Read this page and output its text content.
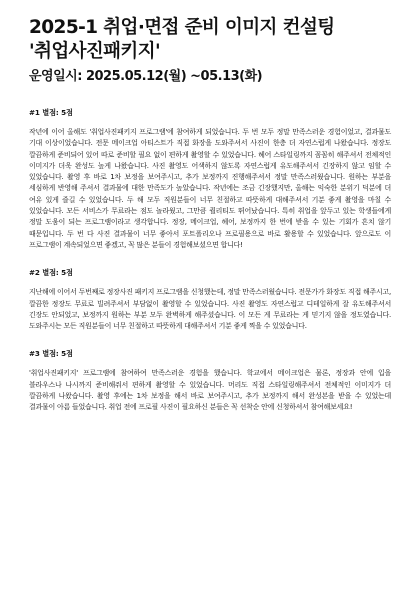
2025-1 취업·면접 준비 이미지 컨설팅
'취업사진패키지'

운영일시: 2025.05.12(월) ~05.13(화)

#1 별점: 5점

작년에 이어 올해도 '취업사진패키지 프로그램'에 참여하게 되었습니다. 두 번 모두 정말 만족스러운 경험이었고, 결과물도 기대 이상이었습니다. 전문 메이크업 아티스트가 직접 화장을 도와주셔서 사진이 한층 더 자연스럽게 나왔습니다. 정장도 깔끔하게 준비되어 있어 따로 준비할 필요 없이 편하게 촬영할 수 있었습니다. 헤어 스타일링까지 꼼꼼히 해주셔서 전체적인 이미지가 더욱 완성도 높게 나왔습니다. 사진 촬영도 어색하지 않도록 자연스럽게 유도해주셔서 긴장하지 않고 임할 수 있었습니다. 촬영 후 바로 1차 보정을 보여주시고, 추가 보정까지 진행해주셔서 정말 만족스러웠습니다. 원하는 부분을 세심하게 반영해 주셔서 결과물에 대한 만족도가 높았습니다. 작년에는 조금 긴장했지만, 올해는 익숙한 분위기 덕분에 더 여유 있게 즐길 수 있었습니다. 두 해 모두 직원분들이 너무 친절하고 따뜻하게 대해주셔서 기분 좋게 촬영을 마칠 수 있었습니다. 모든 서비스가 무료라는 점도 놀라웠고, 그만큼 퀄리티도 뛰어났습니다. 특히 취업을 앞두고 있는 학생들에게 정말 도움이 되는 프로그램이라고 생각합니다. 정장, 메이크업, 헤어, 보정까지 한 번에 받을 수 있는 기회가 흔치 않기 때문입니다. 두 번 다 사진 결과물이 너무 좋아서 포트폴리오나 프로필용으로 바로 활용할 수 있었습니다. 앞으로도 이 프로그램이 계속되었으면 좋겠고, 꼭 많은 분들이 경험해보셨으면 합니다!

#2 별점: 5점

지난해에 이어서 두번째로 정장사진 패키지 프로그램을 신청했는데, 정말 만족스러웠습니다. 전문가가 화장도 직접 해주시고, 깔끔한 정장도 무료로 빌려주셔서 부담없이 촬영할 수 있었습니다. 사진 촬영도 자연스럽고 디테일하게 잘 유도해주셔서 긴장도 안되었고, 보정까지 원하는 부분 모두 완벽하게 해주셨습니다. 이 모든 게 무료라는 게 믿기지 않을 정도였습니다. 도와주시는 모든 직원분들이 너무 친절하고 따뜻하게 대해주셔서 기분 좋게 찍을 수 있었습니다.

#3 별점: 5점

'취업사진패키지' 프로그램에 참여하여 만족스러운 경험을 했습니다. 학교에서 메이크업은 물론, 정장과 안에 입을 블라우스나 나시까지 준비해줘서 편하게 촬영할 수 있었습니다. 머리도 직접 스타일링해주셔서 전체적인 이미지가 더 깔끔하게 나왔습니다. 촬영 후에는 1차 보정을 해서 바로 보여주시고, 추가 보정까지 해서 완성본을 받을 수 있었는데 결과물이 아름 들었습니다. 취업 전에 프로필 사진이 필요하신 분들은 꼭 선착순 안에 신청하셔서 참여해보세요!
